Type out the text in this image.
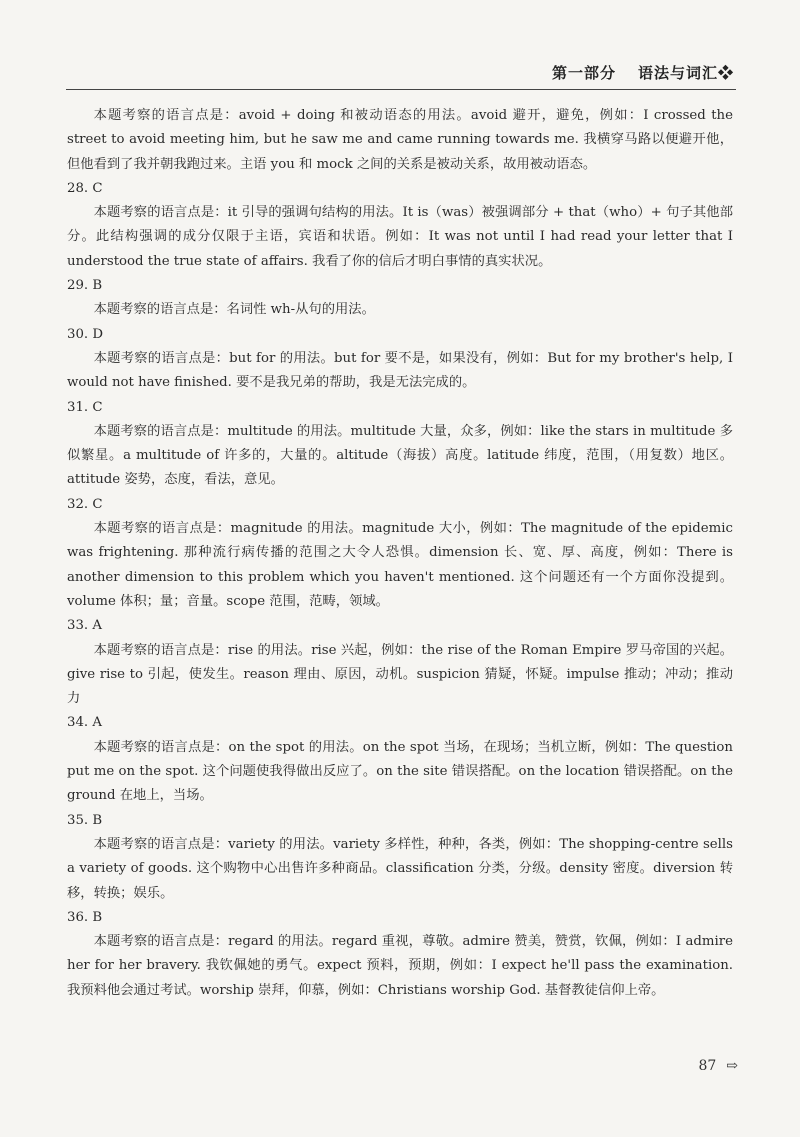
第一部分 语法与词汇❖

本题考察的语言点是：avoid + doing 和被动语态的用法。avoid 避开，避免，例如：I crossed the street to avoid meeting him, but he saw me and came running towards me. 我横穿马路以便避开他，但他看到了我并朝我跑过来。主语 you 和 mock 之间的关系是被动关系，故用被动语态。

28. C

本题考察的语言点是：it 引导的强调句结构的用法。It is（was）被强调部分 + that（who）+ 句子其他部分。此结构强调的成分仅限于主语，宾语和状语。例如：It was not until I had read your letter that I understood the true state of affairs. 我看了你的信后才明白事情的真实状况。

29. B

本题考察的语言点是：名词性 wh-从句的用法。

30. D

本题考察的语言点是：but for 的用法。but for 要不是，如果没有，例如：But for my brother's help, I would not have finished. 要不是我兄弟的帮助，我是无法完成的。

31. C

本题考察的语言点是：multitude 的用法。multitude 大量，众多，例如：like the stars in multitude 多似繁星。a multitude of 许多的，大量的。altitude（海拔）高度。latitude 纬度，范围，（用复数）地区。attitude 姿势，态度，看法，意见。

32. C

本题考察的语言点是：magnitude 的用法。magnitude 大小，例如：The magnitude of the epidemic was frightening. 那种流行病传播的范围之大令人恐惧。dimension 长、宽、厚、高度，例如：There is another dimension to this problem which you haven't mentioned. 这个问题还有一个方面你没提到。volume 体积；量；音量。scope 范围，范畴，领域。

33. A

本题考察的语言点是：rise 的用法。rise 兴起，例如：the rise of the Roman Empire 罗马帝国的兴起。give rise to 引起，使发生。reason 理由、原因，动机。suspicion 猜疑，怀疑。impulse 推动；冲动；推动力

34. A

本题考察的语言点是：on the spot 的用法。on the spot 当场，在现场；当机立断，例如：The question put me on the spot. 这个问题使我得做出反应了。on the site 错误搭配。on the location 错误搭配。on the ground 在地上，当场。

35. B

本题考察的语言点是：variety 的用法。variety 多样性，种种，各类，例如：The shopping-centre sells a variety of goods. 这个购物中心出售许多种商品。classification 分类，分级。density 密度。diversion 转移，转换；娱乐。

36. B

本题考察的语言点是：regard 的用法。regard 重视，尊敬。admire 赞美，赞赏，钦佩，例如：I admire her for her bravery. 我钦佩她的勇气。expect 预料，预期，例如：I expect he'll pass the examination. 我预料他会通过考试。worship 崇拜，仰慕，例如：Christians worship God. 基督教徒信仰上帝。

87 ⇨
